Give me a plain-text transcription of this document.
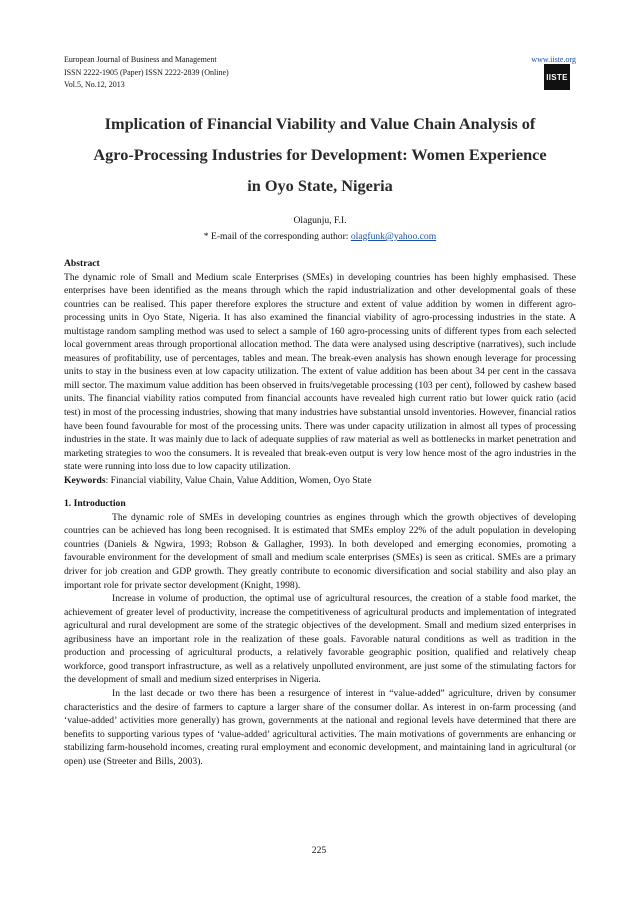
European Journal of Business and Management
ISSN 2222-1905 (Paper) ISSN 2222-2839 (Online)
Vol.5, No.12, 2013
www.iiste.org
IISTE
Implication of Financial Viability and Value Chain Analysis of
Agro-Processing Industries for Development: Women Experience
in Oyo State, Nigeria
Olagunju, F.I.
* E-mail of the corresponding author: olagfunk@yahoo.com

Abstract

The dynamic role of Small and Medium scale Enterprises (SMEs) in developing countries has been highly emphasised. These enterprises have been identified as the means through which the rapid industrialization and other developmental goals of these countries can be realised. This paper therefore explores the structure and extent of value addition by women in different agro-processing units in Oyo State, Nigeria. It has also examined the financial viability of agro-processing industries in the state. A multistage random sampling method was used to select a sample of 160 agro-processing units of different types from each selected local government areas through proportional allocation method. The data were analysed using descriptive (narratives), such include measures of profitability, use of percentages, tables and mean. The break-even analysis has shown enough leverage for processing units to stay in the business even at low capacity utilization. The extent of value addition has been about 34 per cent in the cassava mill sector. The maximum value addition has been observed in fruits/vegetable processing (103 per cent), followed by cashew based units. The financial viability ratios computed from financial accounts have revealed high current ratio but lower quick ratio (acid test) in most of the processing industries, showing that many industries have substantial unsold inventories. However, financial ratios have been found favourable for most of the processing units. There was under capacity utilization in almost all types of processing industries in the state. It was mainly due to lack of adequate supplies of raw material as well as bottlenecks in market penetration and marketing strategies to woo the consumers. It is revealed that break-even output is very low hence most of the agro industries in the state were running into loss due to low capacity utilization.

Keywords: Financial viability, Value Chain, Value Addition, Women, Oyo State

1. Introduction

The dynamic role of SMEs in developing countries as engines through which the growth objectives of developing countries can be achieved has long been recognised. It is estimated that SMEs employ 22% of the adult population in developing countries (Daniels & Ngwira, 1993; Robson & Gallagher, 1993). In both developed and emerging economies, promoting a favourable environment for the development of small and medium scale enterprises (SMEs) is seen as critical. SMEs are a primary driver for job creation and GDP growth. They greatly contribute to economic diversification and social stability and also play an important role for private sector development (Knight, 1998).

Increase in volume of production, the optimal use of agricultural resources, the creation of a stable food market, the achievement of greater level of productivity, increase the competitiveness of agricultural products and implementation of integrated agricultural and rural development are some of the strategic objectives of the development. Small and medium sized enterprises in agribusiness have an important role in the realization of these goals. Favorable natural conditions as well as tradition in the production and processing of agricultural products, a relatively favorable geographic position, qualified and relatively cheap workforce, good transport infrastructure, as well as a relatively unpolluted environment, are just some of the stimulating factors for the development of small and medium sized enterprises in Nigeria.

In the last decade or two there has been a resurgence of interest in “value-added” agriculture, driven by consumer characteristics and the desire of farmers to capture a larger share of the consumer dollar. As interest in on-farm processing (and ‘value-added’ activities more generally) has grown, governments at the national and regional levels have determined that there are benefits to supporting various types of ‘value-added’ agricultural activities. The main motivations of governments are enhancing or stabilizing farm-household incomes, creating rural employment and economic development, and maintaining land in agricultural (or open) use (Streeter and Bills, 2003).

225
